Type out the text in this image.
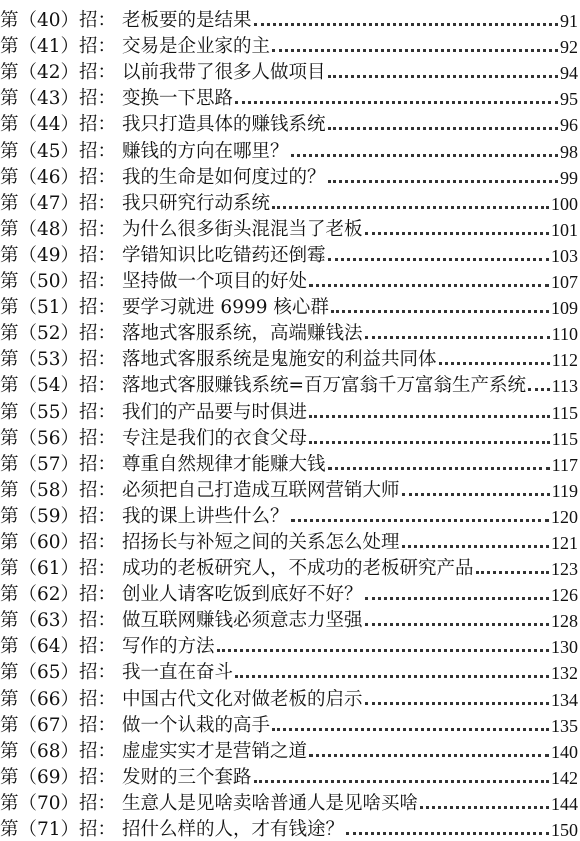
第（40）招： 老板要的是结果	91
第（41）招： 交易是企业家的主	92
第（42）招： 以前我带了很多人做项目	94
第（43）招： 变换一下思路	95
第（44）招： 我只打造具体的赚钱系统	96
第（45）招： 赚钱的方向在哪里？	98
第（46）招： 我的生命是如何度过的？	99
第（47）招： 我只研究行动系统	100
第（48）招： 为什么很多街头混混当了老板	101
第（49）招： 学错知识比吃错药还倒霉	103
第（50）招： 坚持做一个项目的好处	107
第（51）招： 要学习就进 6999 核心群	109
第（52）招： 落地式客服系统，高端赚钱法	110
第（53）招： 落地式客服系统是鬼施安的利益共同体	112
第（54）招： 落地式客服赚钱系统=百万富翁千万富翁生产系统 113
第（55）招： 我们的产品要与时俱进	115
第（56）招： 专注是我们的衣食父母	115
第（57）招： 尊重自然规律才能赚大钱	117
第（58）招： 必须把自己打造成互联网营销大师	119
第（59）招： 我的课上讲些什么？	120
第（60）招： 招扬长与补短之间的关系怎么处理	121
第（61）招： 成功的老板研究人，不成功的老板研究产品	123
第（62）招： 创业人请客吃饭到底好不好？	126
第（63）招： 做互联网赚钱必须意志力坚强	128
第（64）招： 写作的方法	130
第（65）招： 我一直在奋斗	132
第（66）招： 中国古代文化对做老板的启示	134
第（67）招： 做一个认栽的高手	135
第（68）招： 虚虚实实才是营销之道	140
第（69）招： 发财的三个套路	142
第（70）招： 生意人是见啥卖啥普通人是见啥买啥	144
第（71）招： 招什么样的人，才有钱途？	150
